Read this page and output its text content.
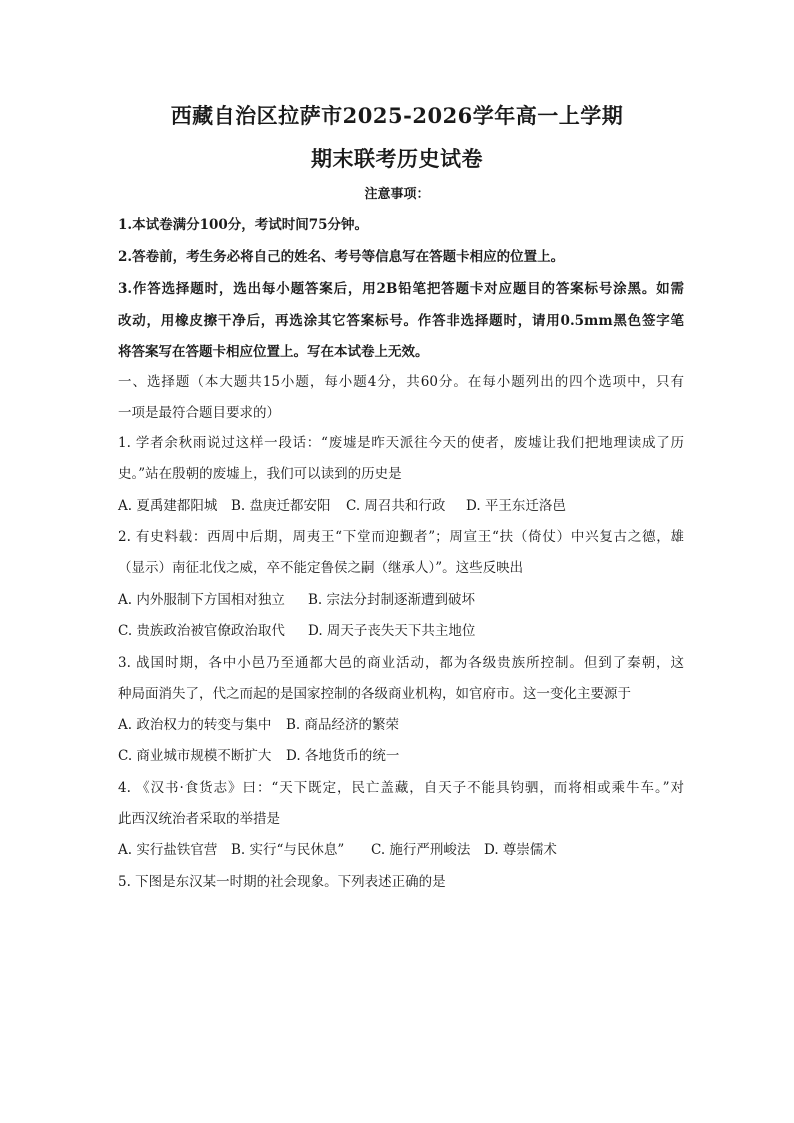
西藏自治区拉萨市2025-2026学年高一上学期
期末联考历史试卷
注意事项：
1.本试卷满分100分，考试时间75分钟。
2.答卷前，考生务必将自己的姓名、考号等信息写在答题卡相应的位置上。
3.作答选择题时，选出每小题答案后，用2B铅笔把答题卡对应题目的答案标号涂黑。如需
改动，用橡皮擦干净后，再选涂其它答案标号。作答非选择题时，请用0.5mm黑色签字笔
将答案写在答题卡相应位置上。写在本试卷上无效。
一、选择题（本大题共15小题，每小题4分，共60分。在每小题列出的四个选项中，只有
一项是最符合题目要求的）
1. 学者余秋雨说过这样一段话：“废墟是昨天派往今天的使者，废墟让我们把地理读成了历
史。”站在殷朝的废墟上，我们可以读到的历史是
A. 夏禹建都阳城 B. 盘庚迁都安阳 C. 周召共和行政 D. 平王东迁洛邑
2. 有史料载：西周中后期，周夷王“下堂而迎觐者”；周宣王“扶（倚仗）中兴复古之德，雄
（显示）南征北伐之威，卒不能定鲁侯之嗣（继承人）”。这些反映出
A. 内外服制下方国相对独立 B. 宗法分封制逐渐遭到破坏
C. 贵族政治被官僚政治取代 D. 周天子丧失天下共主地位
3. 战国时期，各中小邑乃至通都大邑的商业活动，都为各级贵族所控制。但到了秦朝，这
种局面消失了，代之而起的是国家控制的各级商业机构，如官府市。这一变化主要源于
A. 政治权力的转变与集中 B. 商品经济的繁荣
C. 商业城市规模不断扩大 D. 各地货币的统一
4. 《汉书·食货志》曰：“天下既定，民亡盖藏，自天子不能具钧驷，而将相或乘牛车。”对
此西汉统治者采取的举措是
A. 实行盐铁官营 B. 实行“与民休息” C. 施行严刑峻法 D. 尊崇儒术
5. 下图是东汉某一时期的社会现象。下列表述正确的是
